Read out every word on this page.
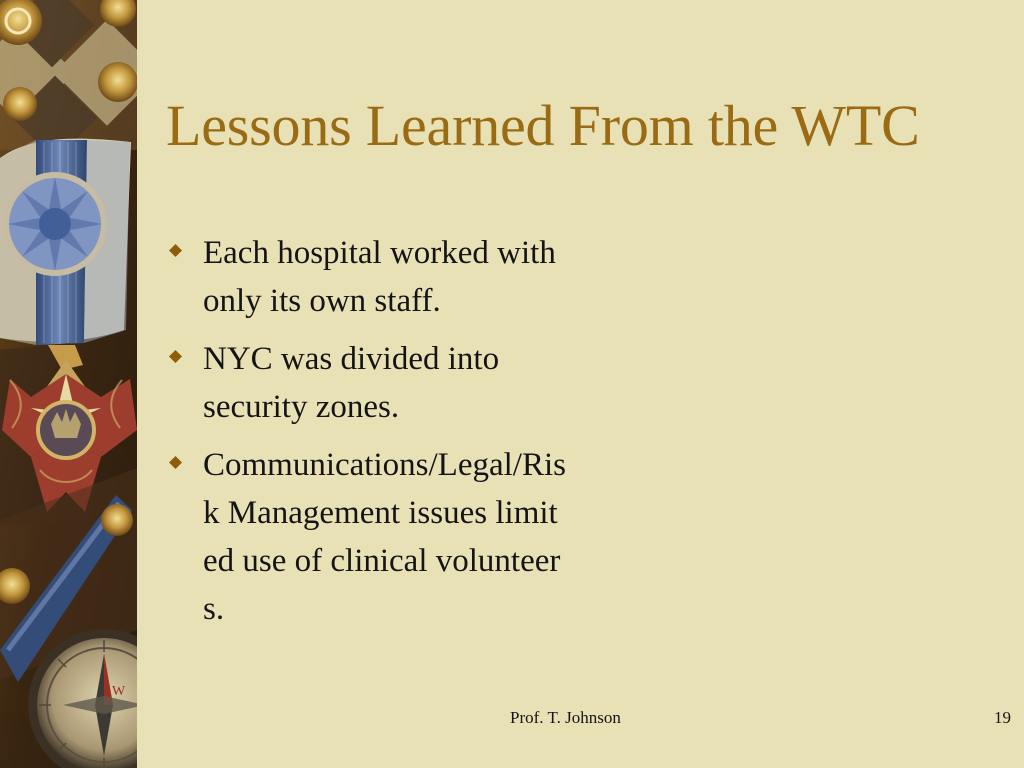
W
Lessons Learned From the WTC
Each hospital worked with only its own staff.
NYC was divided into security zones.
Communications/Legal/Risk Management issues limited use of clinical volunteers.
Prof. T. Johnson	19
